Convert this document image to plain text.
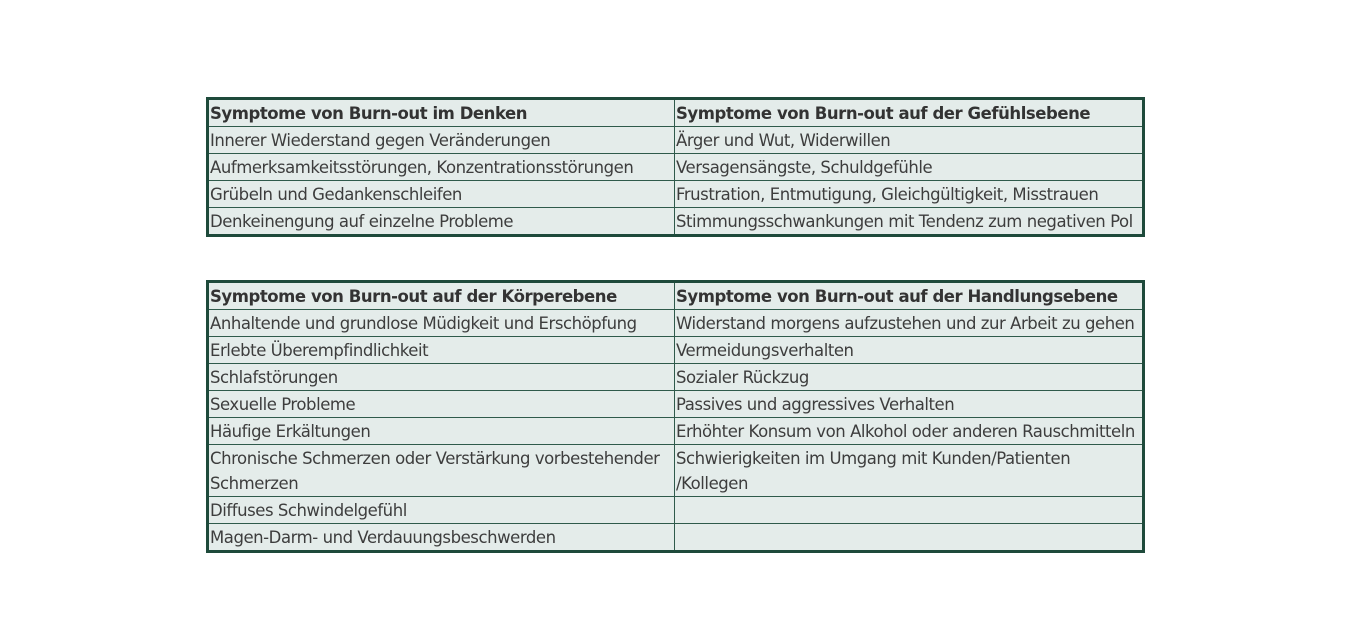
Symptome von Burn-out im Denken	Symptome von Burn-out auf der Gefühlsebene
Innerer Wiederstand gegen Veränderungen	Ärger und Wut, Widerwillen
Aufmerksamkeitsstörungen, Konzentrationsstörungen	Versagensängste, Schuldgefühle
Grübeln und Gedankenschleifen	Frustration, Entmutigung, Gleichgültigkeit, Misstrauen
Denkeinengung auf einzelne Probleme	Stimmungsschwankungen mit Tendenz zum negativen Pol
Symptome von Burn-out auf der Körperebene	Symptome von Burn-out auf der Handlungsebene
Anhaltende und grundlose Müdigkeit und Erschöpfung	Widerstand morgens aufzustehen und zur Arbeit zu gehen
Erlebte Überempfindlichkeit	Vermeidungsverhalten
Schlafstörungen	Sozialer Rückzug
Sexuelle Probleme	Passives und aggressives Verhalten
Häufige Erkältungen	Erhöhter Konsum von Alkohol oder anderen Rauschmitteln
Chronische Schmerzen oder Verstärkung vorbestehender Schmerzen	Schwierigkeiten im Umgang mit Kunden/Patienten /Kollegen
Diffuses Schwindelgefühl	
Magen-Darm- und Verdauungsbeschwerden	
